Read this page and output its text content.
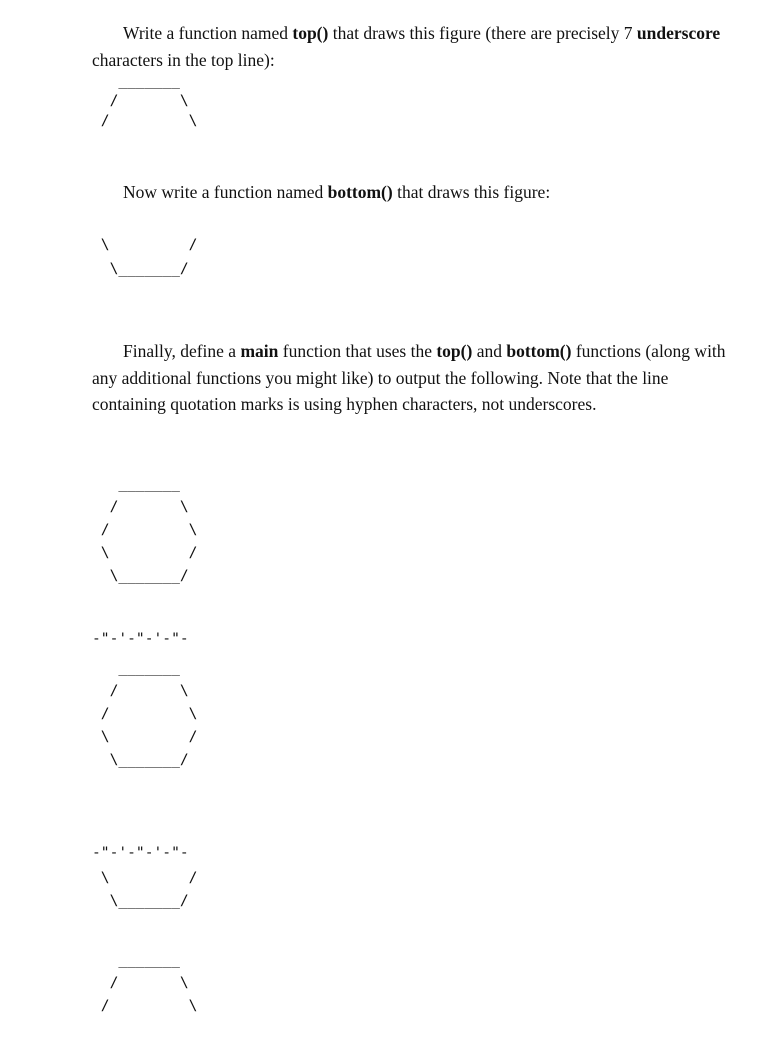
Write a function named top() that draws this figure (there are precisely 7 underscore characters in the top line):

_______
/       \
/         \

Now write a function named bottom() that draws this figure:

\         /
\_______/

Finally, define a main function that uses the top() and bottom() functions (along with any additional functions you might like) to output the following. Note that the line containing quotation marks is using hyphen characters, not underscores.

_______
/       \
/         \
\         /
\_______/
-"-'-"-'-"-
_______
/       \
/         \
\         /
\_______/
-"-'-"-'-"-
\         /
\_______/
_______
/       \
/         \
